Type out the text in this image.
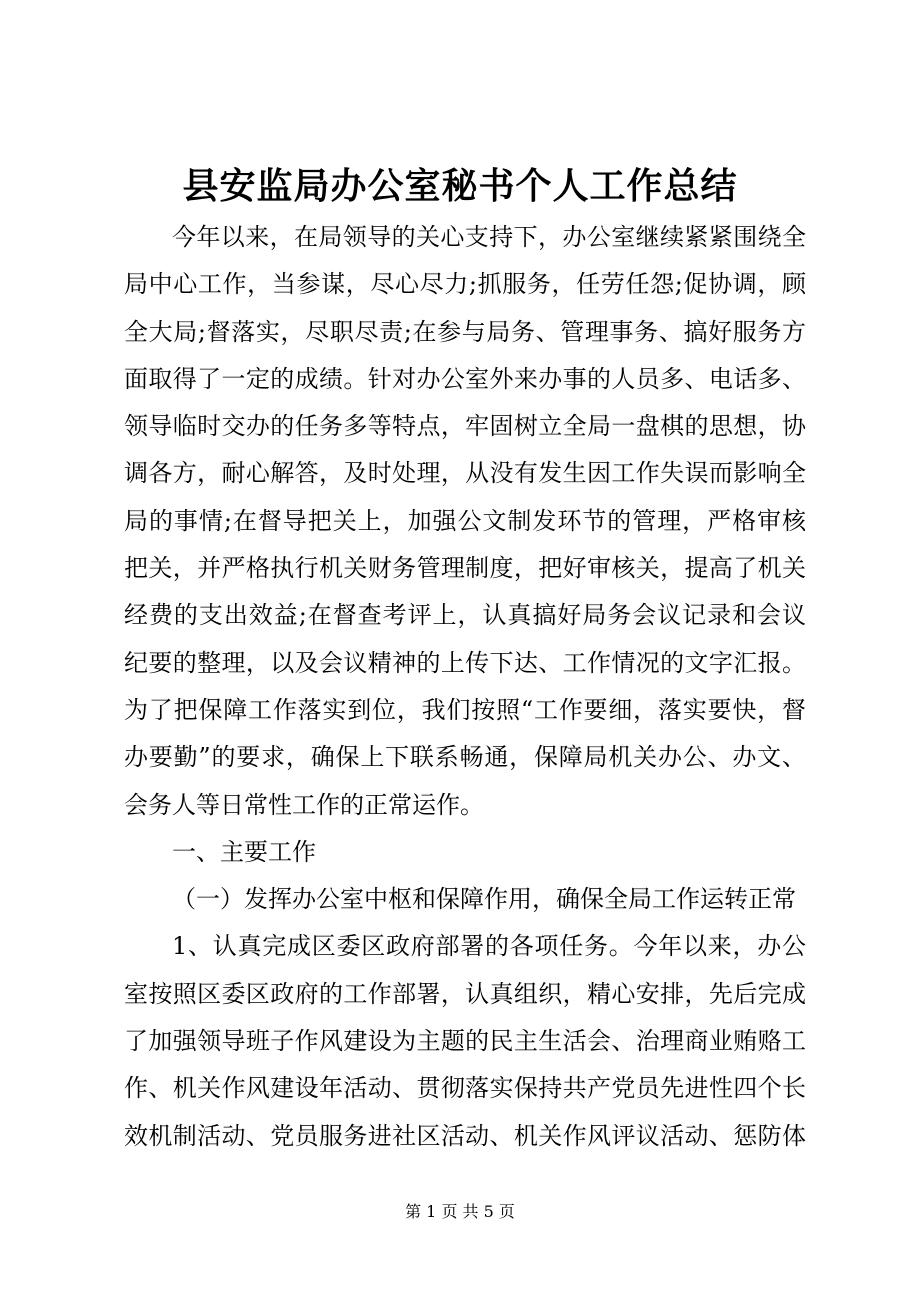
县安监局办公室秘书个人工作总结
今年以来，在局领导的关心支持下，办公室继续紧紧围绕全
局中心工作，当参谋，尽心尽力;抓服务，任劳任怨;促协调，顾
全大局;督落实，尽职尽责;在参与局务、管理事务、搞好服务方
面取得了一定的成绩。针对办公室外来办事的人员多、电话多、
领导临时交办的任务多等特点，牢固树立全局一盘棋的思想，协
调各方，耐心解答，及时处理，从没有发生因工作失误而影响全
局的事情;在督导把关上，加强公文制发环节的管理，严格审核
把关，并严格执行机关财务管理制度，把好审核关，提高了机关
经费的支出效益;在督查考评上，认真搞好局务会议记录和会议
纪要的整理，以及会议精神的上传下达、工作情况的文字汇报。
为了把保障工作落实到位，我们按照“工作要细，落实要快，督
办要勤”的要求，确保上下联系畅通，保障局机关办公、办文、
会务人等日常性工作的正常运作。
一、主要工作
（一）发挥办公室中枢和保障作用，确保全局工作运转正常
1、认真完成区委区政府部署的各项任务。今年以来，办公
室按照区委区政府的工作部署，认真组织，精心安排，先后完成
了加强领导班子作风建设为主题的民主生活会、治理商业贿赂工
作、机关作风建设年活动、贯彻落实保持共产党员先进性四个长
效机制活动、党员服务进社区活动、机关作风评议活动、惩防体
第 1 页 共 5 页
